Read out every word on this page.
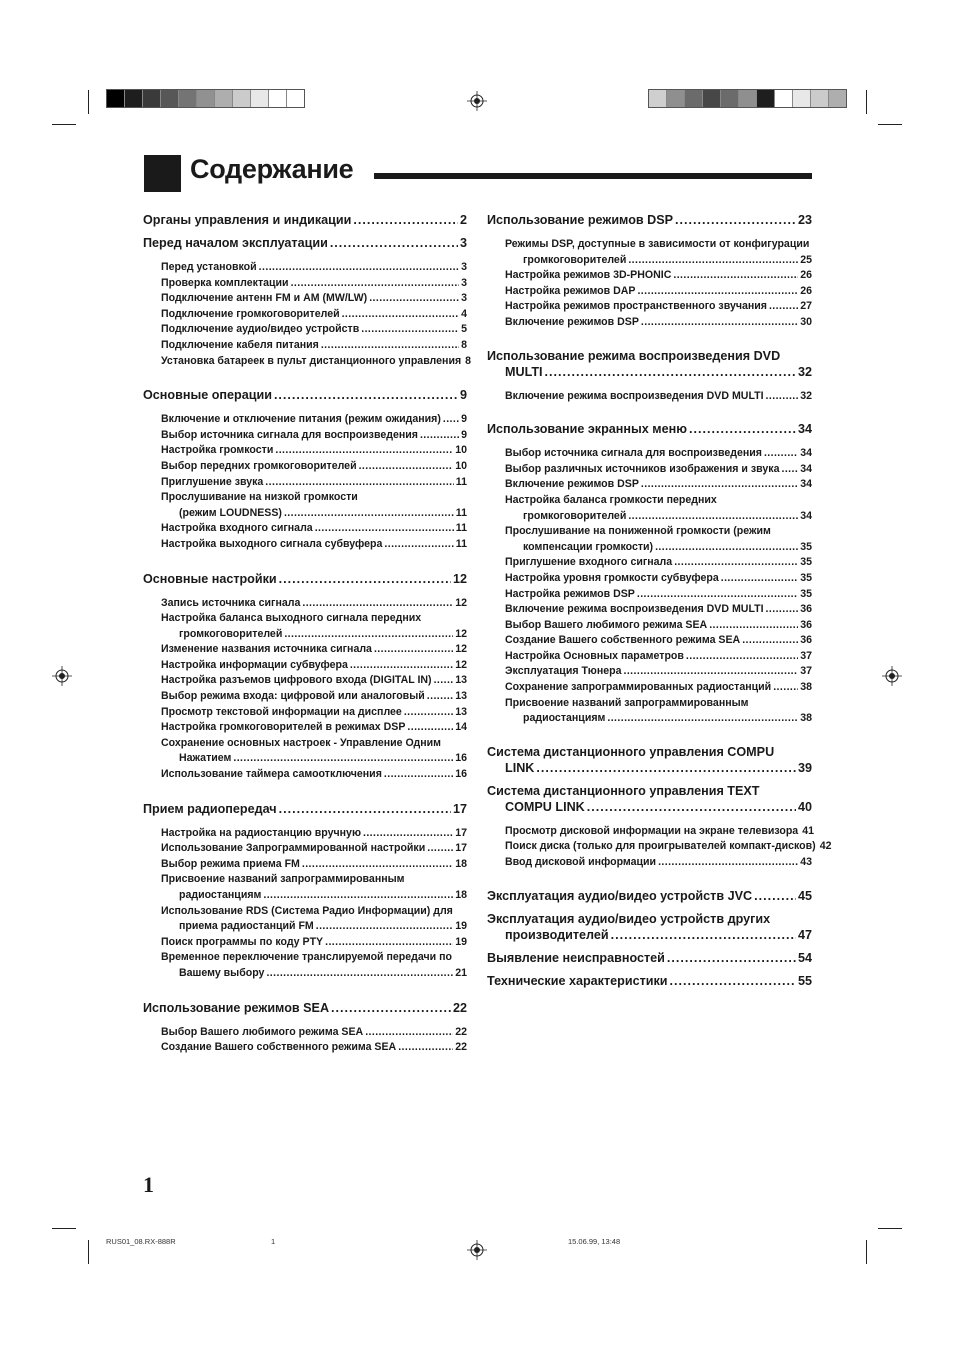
Содержание
Органы управления и индикации .....	2
Перед началом эксплуатации .....	3
Перед установкой .....	3
Проверка комплектации .....	3
Подключение антенн FM и AM (MW/LW) .....	3
Подключение громкоговорителей .....	4
Подключение аудио/видео устройств .....	5
Подключение кабеля питания .....	8
Установка батареек в пульт дистанционного управления 8
Основные операции .....	9
Включение и отключение питания (режим ожидания) ..... 9
Выбор источника сигнала для воспроизведения .....	9
Настройка громкости .....	10
Выбор передних громкоговорителей .....	10
Приглушение звука .....	11
Прослушивание на низкой громкости
(режим LOUDNESS) .....	11
Настройка входного сигнала .....	11
Настройка выходного сигнала субвуфера .....	11
Основные настройки .....	12
Запись источника сигнала .....	12
Настройка баланса выходного сигнала передних
громкоговорителей .....	12
Изменение названия источника сигнала .....	12
Настройка информации субвуфера .....	12
Настройка разъемов цифрового входа (DIGITAL IN) ..... 13
Выбор режима входа: цифровой или аналоговый .....	13
Просмотр текстовой информации на дисплее .....	13
Настройка громкоговорителей в режимах DSP .....	14
Сохранение основных настроек - Управление Одним
Нажатием .....	16
Использование таймера самоотключения .....	16
Прием радиопередач .....	17
Настройка на радиостанцию вручную .....	17
Использование Запрограммированной настройки .....	17
Выбор режима приема FM .....	18
Присвоение названий запрограммированным
радиостанциям .....	18
Использование RDS (Система Радио Информации) для
приема радиостанций FM .....	19
Поиск программы по коду PTY .....	19
Временное переключение транслируемой передачи по
Вашему выбору .....	21
Использование режимов SEA .....	22
Выбор Вашего любимого режима SEA .....	22
Создание Вашего собственного режима SEA .....	22
Использование режимов DSP .....	23
Режимы DSP, доступные в зависимости от конфигурации
громкоговорителей .....	25
Настройка режимов 3D-PHONIC .....	26
Настройка режимов DAP .....	26
Настройка режимов пространственного звучания .....	27
Включение режимов DSP .....	30
Использование режима воспроизведения DVD
MULTI .....	32
Включение режима воспроизведения DVD MULTI .....	32
Использование экранных меню .....	34
Выбор источника сигнала для воспроизведения .....	34
Выбор различных источников изображения и звука ..... 34
Включение режимов DSP .....	34
Настройка баланса громкости передних
громкоговорителей .....	34
Прослушивание на пониженной громкости (режим
компенсации громкости) .....	35
Приглушение входного сигнала .....	35
Настройка уровня громкости субвуфера .....	35
Настройка режимов DSP .....	35
Включение режима воспроизведения DVD MULTI .....	36
Выбор Вашего любимого режима SEA .....	36
Создание Вашего собственного режима SEA .....	36
Настройка Основных параметров .....	37
Эксплуатация Тюнера .....	37
Сохранение запрограммированных радиостанций .....	38
Присвоение названий запрограммированным
радиостанциям .....	38
Система дистанционного управления COMPU
LINK .....	39
Система дистанционного управления TEXT
COMPU LINK .....	40
Просмотр дисковой информации на экране телевизора 41
Поиск диска (только для проигрывателей компакт-дисков) 42
Ввод дисковой информации .....	43
Эксплуатация аудио/видео устройств JVC .....	45
Эксплуатация аудио/видео устройств других
производителей .....	47
Выявление неисправностей .....	54
Технические характеристики .....	55
1
RUS01_08.RX-888R	1	15.06.99, 13:48
